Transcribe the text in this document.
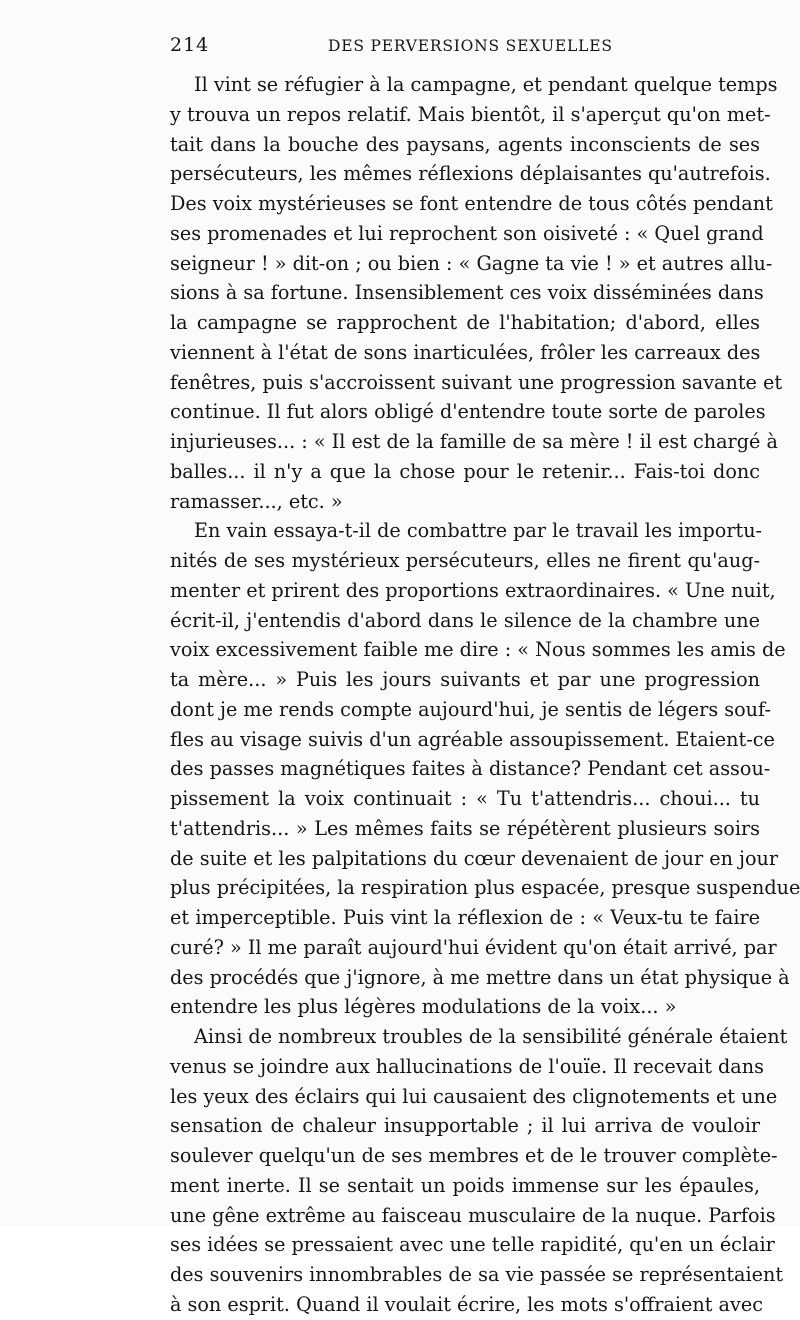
214	DES PERVERSIONS SEXUELLES
Il vint se réfugier à la campagne, et pendant quelque temps
y trouva un repos relatif. Mais bientôt, il s'aperçut qu'on met-
tait dans la bouche des paysans, agents inconscients de ses
persécuteurs, les mêmes réflexions déplaisantes qu'autrefois.
Des voix mystérieuses se font entendre de tous côtés pendant
ses promenades et lui reprochent son oisiveté : « Quel grand
seigneur ! » dit-on ; ou bien : « Gagne ta vie ! » et autres allu-
sions à sa fortune. Insensiblement ces voix disséminées dans
la campagne se rapprochent de l'habitation; d'abord, elles
viennent à l'état de sons inarticulées, frôler les carreaux des
fenêtres, puis s'accroissent suivant une progression savante et
continue. Il fut alors obligé d'entendre toute sorte de paroles
injurieuses... : « Il est de la famille de sa mère ! il est chargé à
balles... il n'y a que la chose pour le retenir... Fais-toi donc
ramasser..., etc. »
En vain essaya-t-il de combattre par le travail les importu-
nités de ses mystérieux persécuteurs, elles ne firent qu'aug-
menter et prirent des proportions extraordinaires. « Une nuit,
écrit-il, j'entendis d'abord dans le silence de la chambre une
voix excessivement faible me dire : « Nous sommes les amis de
ta mère... » Puis les jours suivants et par une progression
dont je me rends compte aujourd'hui, je sentis de légers souf-
fles au visage suivis d'un agréable assoupissement. Etaient-ce
des passes magnétiques faites à distance? Pendant cet assou-
pissement la voix continuait : « Tu t'attendris... choui... tu
t'attendris... » Les mêmes faits se répétèrent plusieurs soirs
de suite et les palpitations du cœur devenaient de jour en jour
plus précipitées, la respiration plus espacée, presque suspendue
et imperceptible. Puis vint la réflexion de : « Veux-tu te faire
curé? » Il me paraît aujourd'hui évident qu'on était arrivé, par
des procédés que j'ignore, à me mettre dans un état physique à
entendre les plus légères modulations de la voix... »
Ainsi de nombreux troubles de la sensibilité générale étaient
venus se joindre aux hallucinations de l'ouïe. Il recevait dans
les yeux des éclairs qui lui causaient des clignotements et une
sensation de chaleur insupportable ; il lui arriva de vouloir
soulever quelqu'un de ses membres et de le trouver complète-
ment inerte. Il se sentait un poids immense sur les épaules,
une gêne extrême au faisceau musculaire de la nuque. Parfois
ses idées se pressaient avec une telle rapidité, qu'en un éclair
des souvenirs innombrables de sa vie passée se représentaient
à son esprit. Quand il voulait écrire, les mots s'offraient avec
